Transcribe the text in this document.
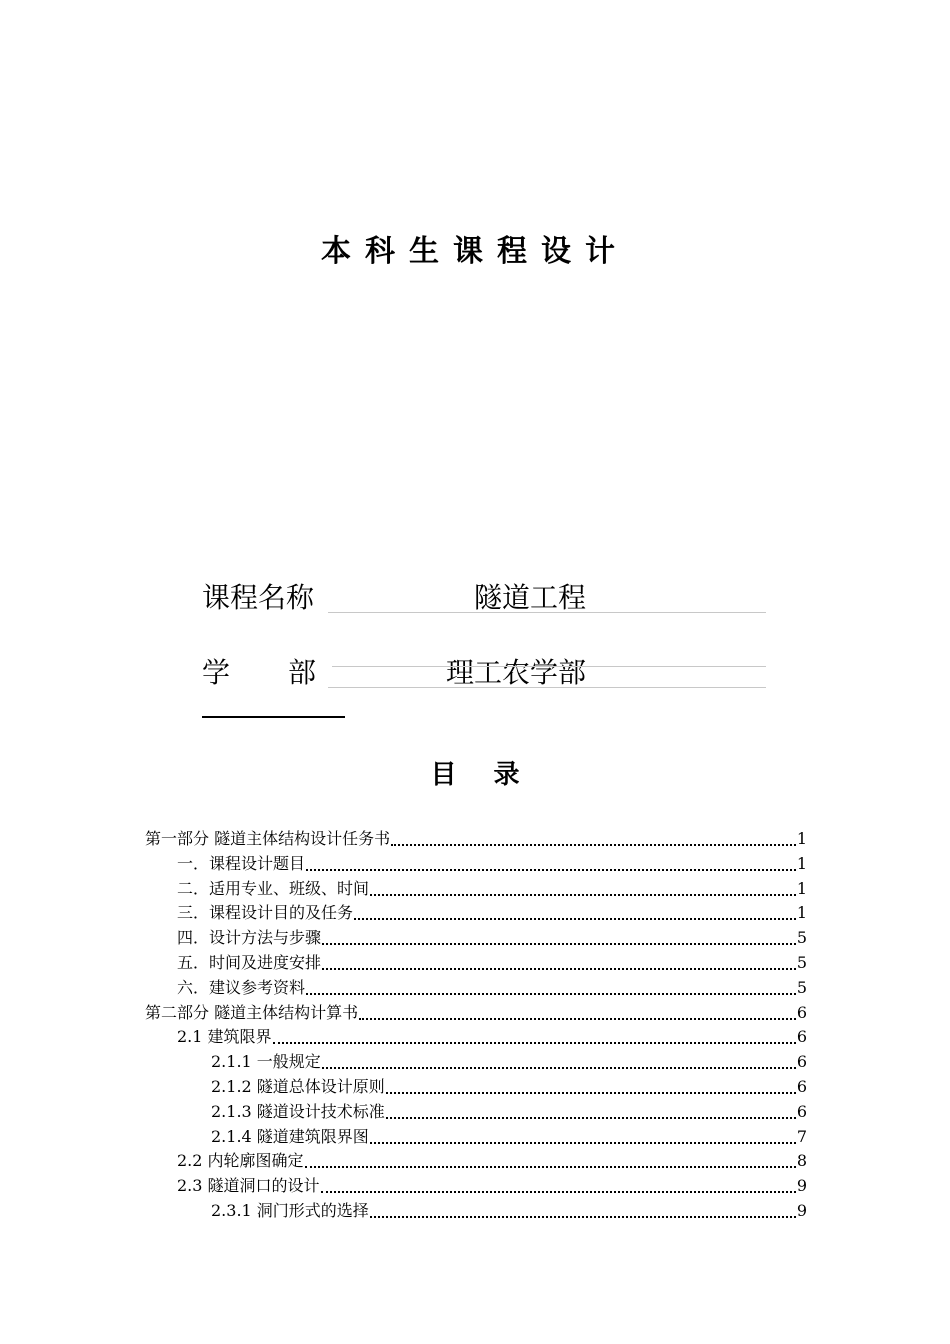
本科生课程设计
课程名称	隧道工程
学 部	理工农学部
目 录
第一部分 隧道主体结构设计任务书	1
一．课程设计题目	1
二．适用专业、班级、时间	1
三．课程设计目的及任务	1
四．设计方法与步骤	5
五．时间及进度安排	5
六．建议参考资料	5
第二部分 隧道主体结构计算书	6
2.1 建筑限界	6
2.1.1 一般规定	6
2.1.2 隧道总体设计原则	6
2.1.3 隧道设计技术标准	6
2.1.4 隧道建筑限界图	7
2.2 内轮廓图确定	8
2.3 隧道洞口的设计	9
2.3.1 洞门形式的选择	9
